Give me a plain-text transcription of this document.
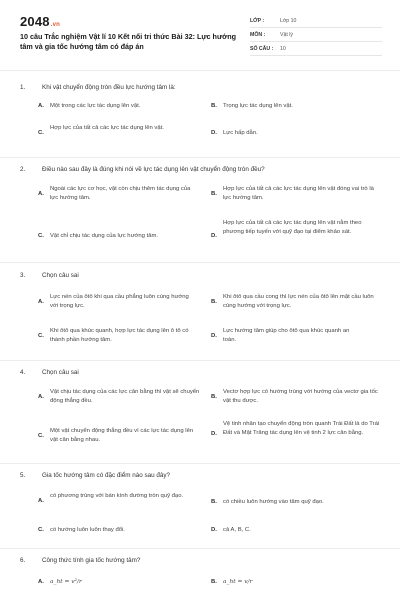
2048.vn
10 câu Trắc nghiệm Vật lí 10 Kết nối tri thức Bài 32: Lực hướng tâm và gia tốc hướng tâm có đáp án
LỚP :	Lớp 10
MÔN :	Vật lý
SỐ CÂU :	10
1.	Khi vật chuyển động tròn đều lực hướng tâm là:
A. Một trong các lực tác dụng lên vật.	B. Trọng lực tác dụng lên vật.
C.
Hợp lực của tất cả các lực tác dụng lên vật.
D. Lực hấp dẫn.
2.	Điều nào sau đây là đúng khi nói về lực tác dụng lên vật chuyển động tròn đều?
A.
Ngoài các lực cơ học, vật còn chịu thêm tác dụng của lực hướng tâm.
B.
Hợp lực của tất cả các lực tác dụng lên vật đóng vai trò là lực hướng tâm.
C. Vật chỉ chịu tác dụng của lực hướng tâm.	D.
Hợp lực của tất cả các lực tác dụng lên vật nằm theo phương tiếp tuyến với quỹ đạo tại điểm khảo sát.
3.	Chọn câu sai
A.
Lực nén của ôtô khi qua cầu phẳng luôn cùng hướng với trọng lực.
B.
Khi ôtô qua cầu cong thì lực nén của ôtô lên mặt cầu luôn cùng hướng với trọng lực.
C.
Khi ôtô qua khúc quanh, hợp lực tác dụng lên ô tô có thành phần hướng tâm.
D.
Lực hướng tâm giúp cho ôtô qua khúc quanh an toàn.
4.	Chọn câu sai
A.
Vật chịu tác dụng của các lực cân bằng thì vật sẽ chuyển động thẳng đều.
B.
Vectơ hợp lực có hướng trùng với hướng của vectơ gia tốc vật thu được.
C.
Một vật chuyển động thẳng đều vì các lực tác dụng lên vật cân bằng nhau.
D.
Vệ tinh nhân tạo chuyển động tròn quanh Trái Đất là do Trái Đất và Mặt Trăng tác dụng lên vệ tinh 2 lực cân bằng.
5.	Gia tốc hướng tâm có đặc điểm nào sau đây?
A.
có phương trùng với bán kính đường tròn quỹ đạo.
B. có chiều luôn hướng vào tâm quỹ đạo.
C. có hướng luôn luôn thay đổi.	D. cả A, B, C.
6.	Công thức tính gia tốc hướng tâm?
A. a_ht = v²/r	B. a_ht = v/r
